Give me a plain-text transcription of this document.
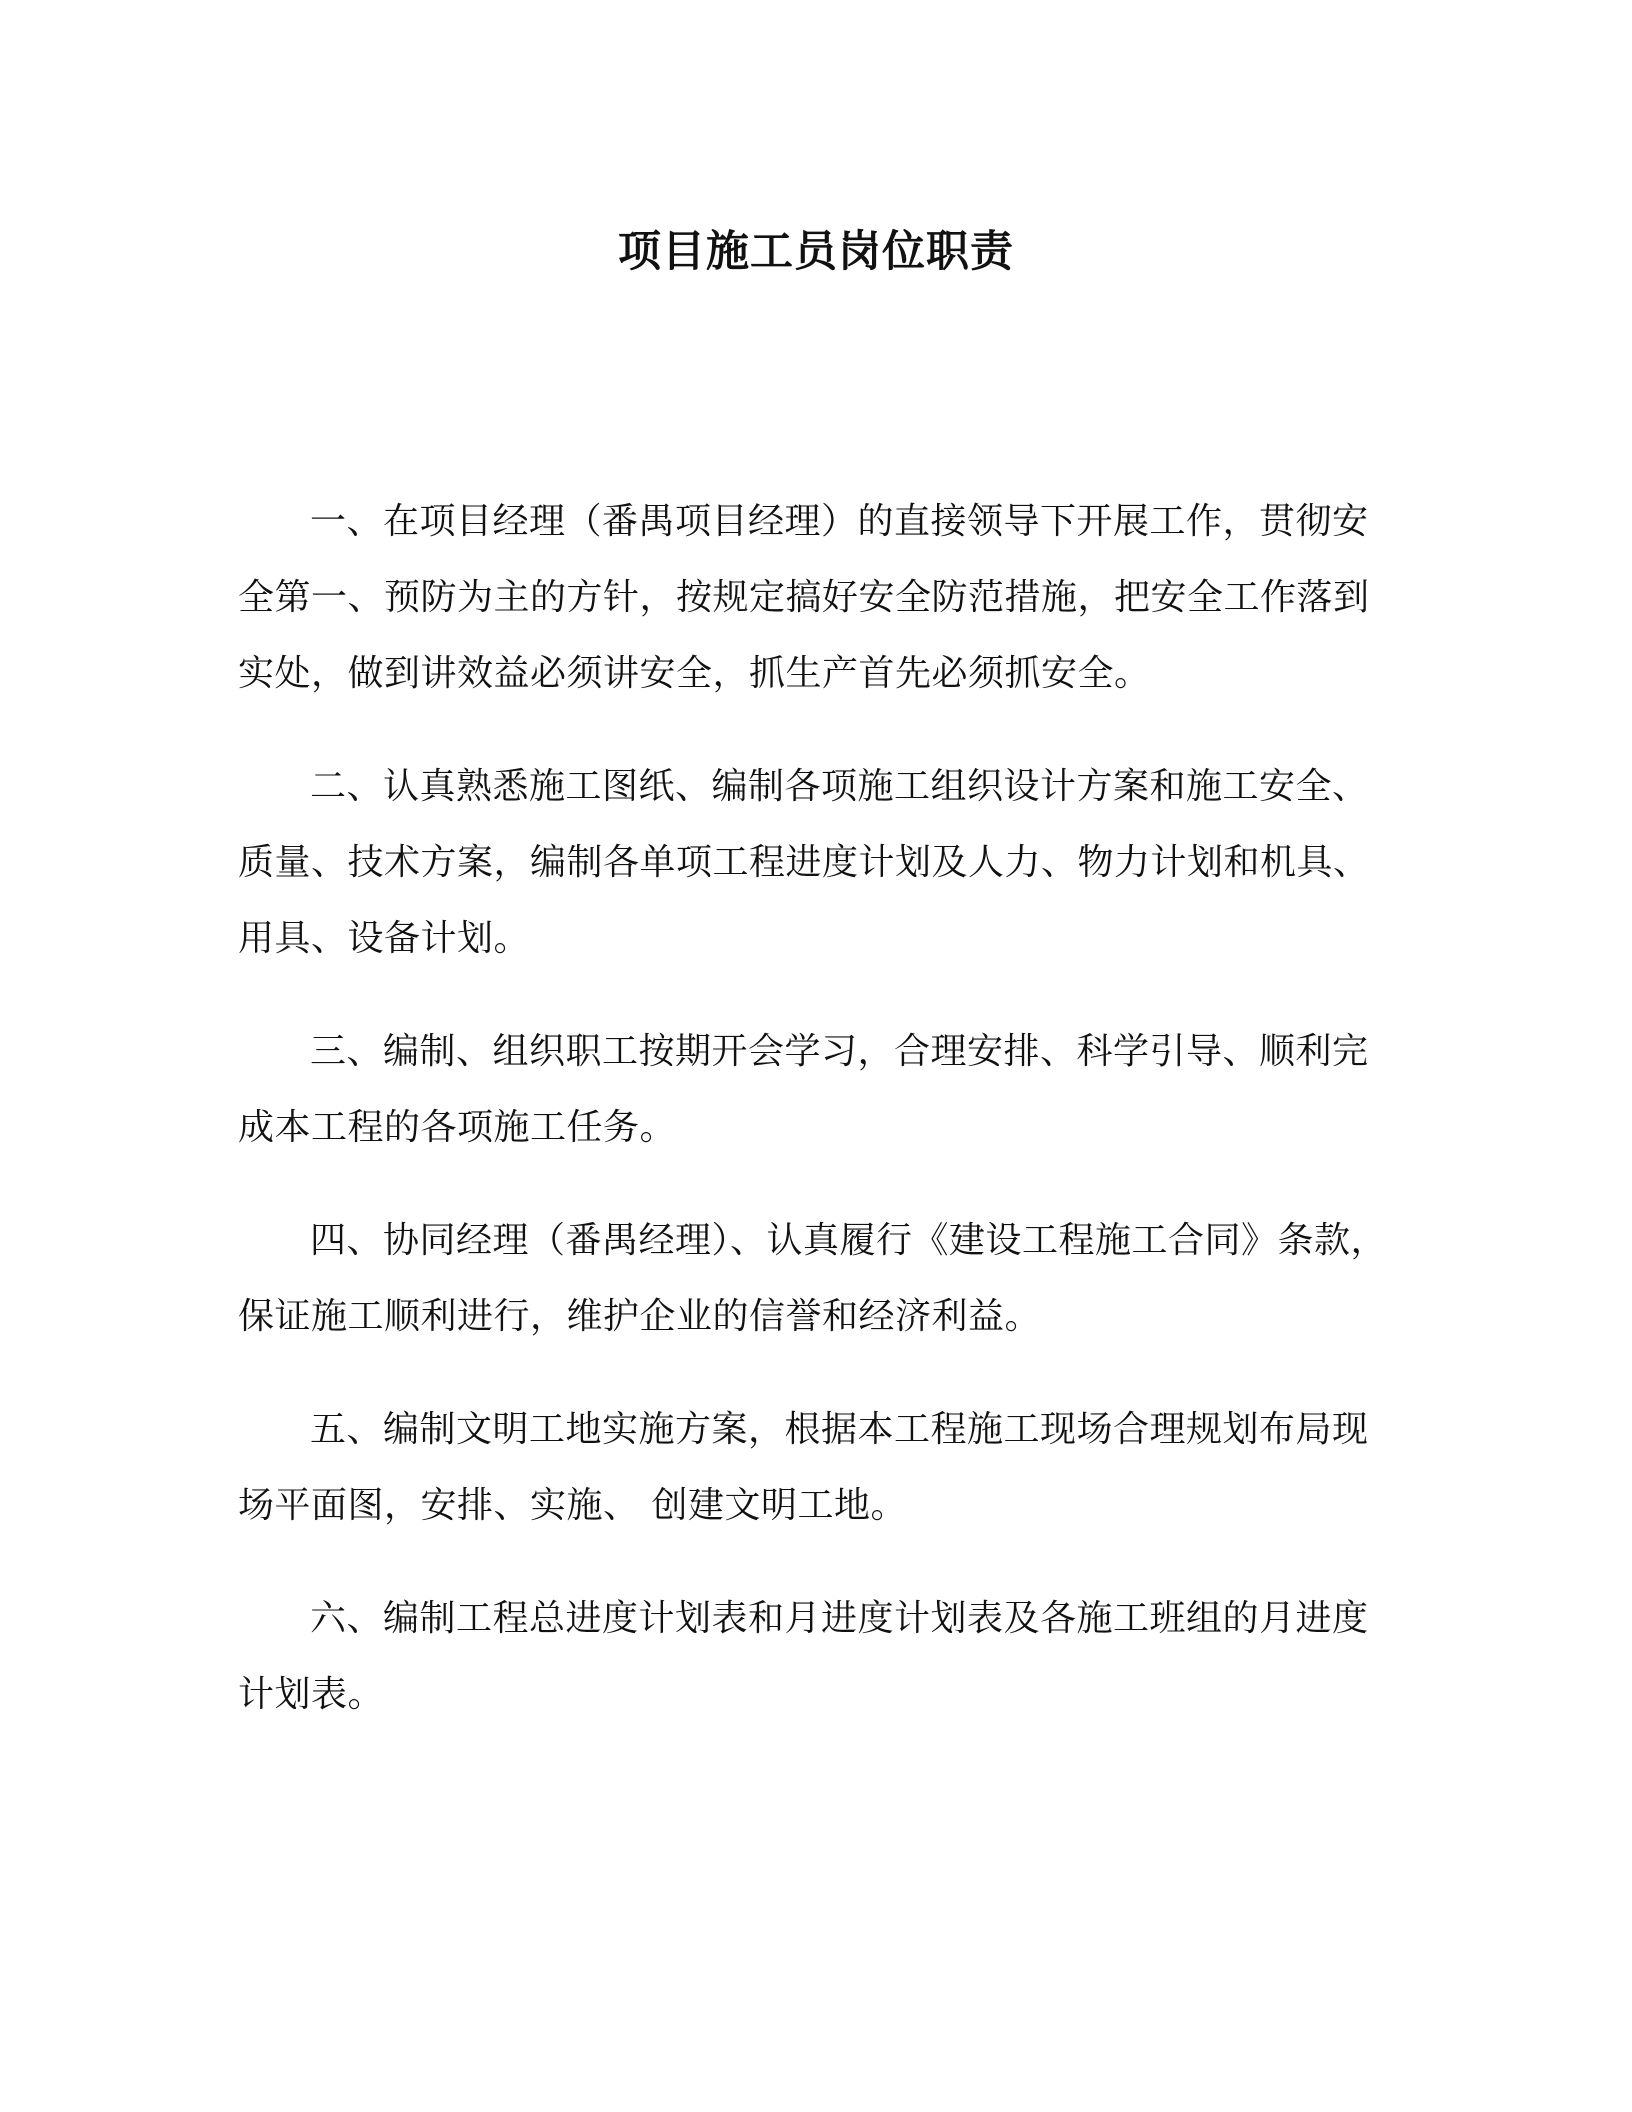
项目施工员岗位职责

一、在项目经理（番禺项目经理）的直接领导下开展工作，贯彻安全第一、预防为主的方针，按规定搞好安全防范措施，把安全工作落到实处，做到讲效益必须讲安全，抓生产首先必须抓安全。

二、认真熟悉施工图纸、编制各项施工组织设计方案和施工安全、质量、技术方案，编制各单项工程进度计划及人力、物力计划和机具、用具、设备计划。

三、编制、组织职工按期开会学习，合理安排、科学引导、顺利完成本工程的各项施工任务。

四、协同经理（番禺经理）、认真履行《建设工程施工合同》条款，保证施工顺利进行，维护企业的信誉和经济利益。

五、编制文明工地实施方案，根据本工程施工现场合理规划布局现场平面图，安排、实施、 创建文明工地。

六、编制工程总进度计划表和月进度计划表及各施工班组的月进度计划表。
